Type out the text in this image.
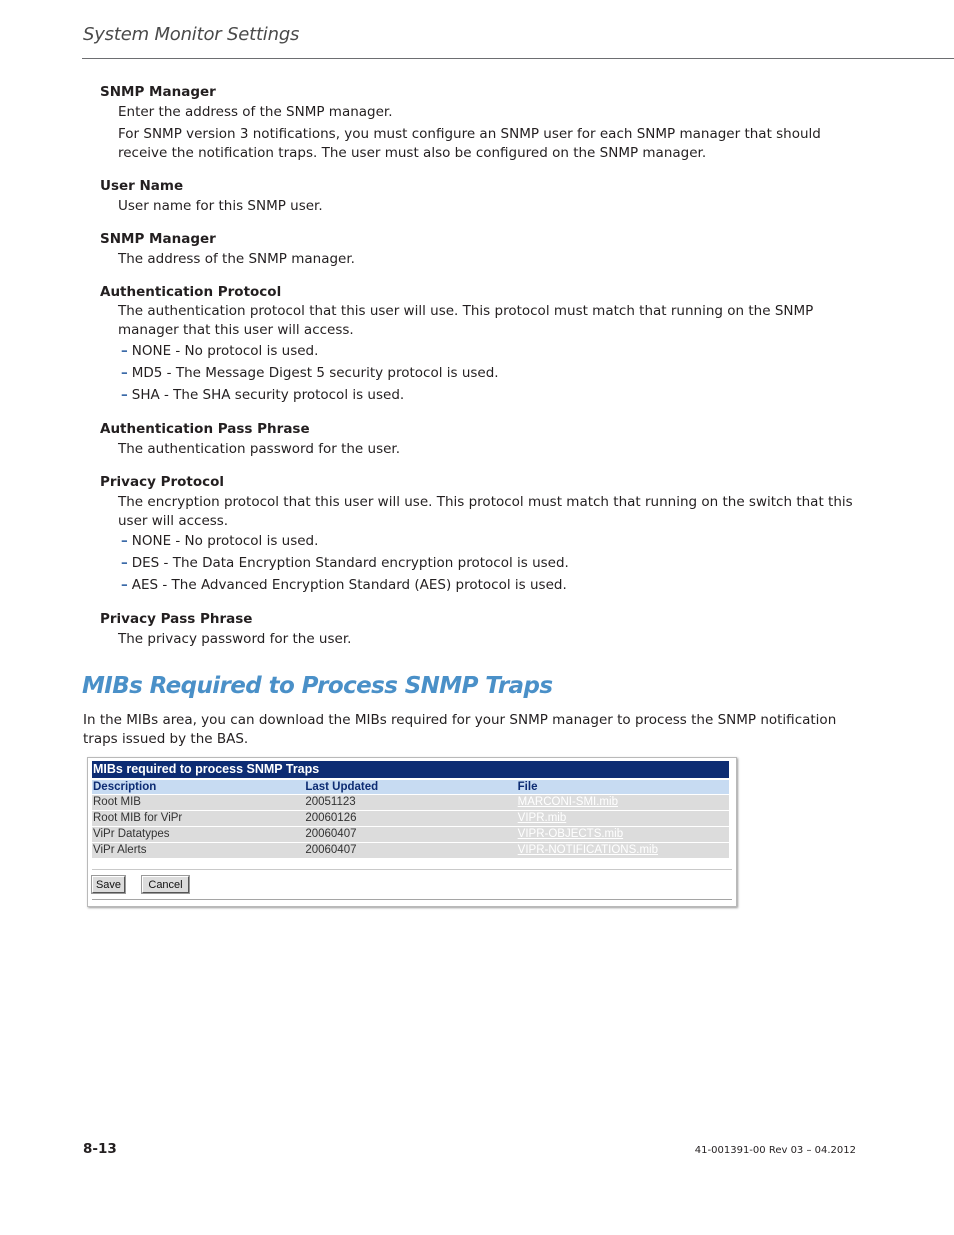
System Monitor Settings
SNMP Manager
Enter the address of the SNMP manager.
For SNMP version 3 notifications, you must configure an SNMP user for each SNMP manager that should receive the notification traps. The user must also be configured on the SNMP manager.
User Name
User name for this SNMP user.
SNMP Manager
The address of the SNMP manager.
Authentication Protocol
The authentication protocol that this user will use. This protocol must match that running on the SNMP manager that this user will access.
– NONE - No protocol is used.
– MD5 - The Message Digest 5 security protocol is used.
– SHA - The SHA security protocol is used.
Authentication Pass Phrase
The authentication password for the user.
Privacy Protocol
The encryption protocol that this user will use. This protocol must match that running on the switch that this user will access.
– NONE - No protocol is used.
– DES - The Data Encryption Standard encryption protocol is used.
– AES - The Advanced Encryption Standard (AES) protocol is used.
Privacy Pass Phrase
The privacy password for the user.
MIBs Required to Process SNMP Traps
In the MIBs area, you can download the MIBs required for your SNMP manager to process the SNMP notification traps issued by the BAS.
MIBs required to process SNMP Traps
Description	Last Updated	File
Root MIB	20051123	MARCONI-SMI.mib
Root MIB for ViPr	20060126	VIPR.mib
ViPr Datatypes	20060407	VIPR-OBJECTS.mib
ViPr Alerts	20060407	VIPR-NOTIFICATIONS.mib
Save	Cancel
8-13	41-001391-00 Rev 03 – 04.2012
